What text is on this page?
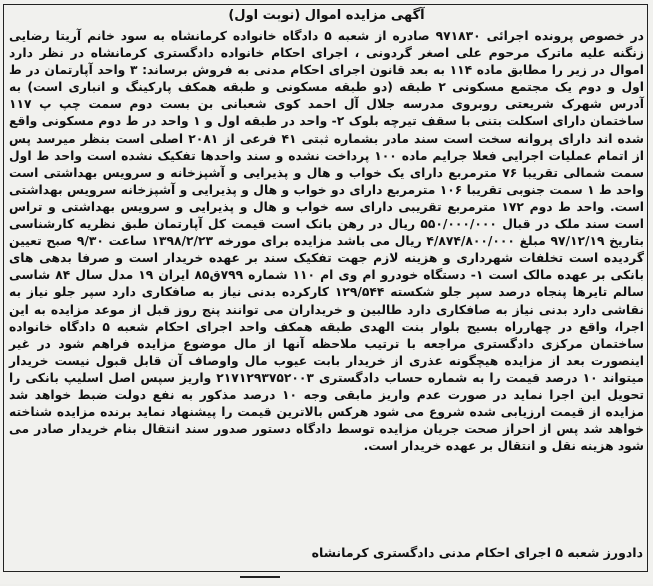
آگهی مزایده اموال (نوبت اول)
در خصوص پرونده اجرائی ۹۷۱۸۳۰ صادره از شعبه ۵ دادگاه خانواده کرمانشاه به سود خانم آریتا رضایی زنگنه علیه ماترک مرحوم علی اصغر گردونی ، اجرای احکام خانواده دادگستری کرمانشاه در نظر دارد اموال در زیر را مطابق ماده ۱۱۴ به بعد قانون اجرای احکام مدنی به فروش برساند: ۳ واحد آپارتمان در ط اول و دوم یک مجتمع مسکونی ۲ طبقه (دو طبقه مسکونی و طبقه همکف پارکینگ و انباری است) به آدرس شهرک شریعتی روبروی مدرسه جلال آل احمد کوی شعبانی بن بست دوم سمت چپ پ ۱۱۷ ساختمان دارای اسکلت بتنی با سقف تیرچه بلوک ۲- واحد در طبقه اول و ۱ واحد در ط دوم مسکونی واقع شده اند دارای پروانه سخت است سند مادر بشماره ثبتی ۴۱ فرعی از ۲۰۸۱ اصلی است بنظر میرسد پس از اتمام عملیات اجرایی فعلا جرایم ماده ۱۰۰ پرداخت نشده و سند واحدها تفکیک نشده است واحد ط اول سمت شمالی تقریبا ۷۶ مترمربع دارای یک خواب و هال و پذیرایی و آشپزخانه و سرویس بهداشتی است واحد ط ۱ سمت جنوبی تقریبا ۱۰۶ مترمربع دارای دو خواب و هال و پذیرایی و آشپزخانه سرویس بهداشتی است. واحد ط دوم ۱۷۲ مترمربع تقریبی دارای سه خواب و هال و پذیرایی و سرویس بهداشتی و تراس است سند ملک در قبال ۵۵۰/۰۰۰/۰۰۰ ریال در رهن بانک است قیمت کل آپارتمان طبق نظریه کارشناسی بتاریخ ۹۷/۱۲/۱۹ مبلغ ۴/۸۷۴/۸۰۰/۰۰۰ ریال می باشد مزایده برای مورخه ۱۳۹۸/۲/۲۳ ساعت ۹/۳۰ صبح تعیین گردیده است تخلفات شهرداری و هزینه لازم جهت تفکیک سند بر عهده خریدار است و صرفا بدهی های بانکی بر عهده مالک است ۱- دستگاه خودرو ام وی ام ۱۱۰ شماره ۷۹۹ق۸۵ ایران ۱۹ مدل سال ۸۴ شاسی سالم تایرها پنجاه درصد سپر جلو شکسته ۱۲۹/۵۴۴ کارکرده بدنی نیاز به صافکاری دارد سپر جلو نیاز به نقاشی دارد بدنی نیاز به صافکاری دارد طالبین و خریداران می توانند پنج روز قبل از موعد مزایده به این اجرا، واقع در چهارراه بسیج بلوار بنت الهدی طبقه همکف واحد اجرای احکام شعبه ۵ دادگاه خانواده ساختمان مرکزی دادگستری مراجعه با ترتیب ملاحظه آنها از مال موضوع مزایده فراهم شود در غیر اینصورت بعد از مزایده هیچگونه عذری از خریدار بابت عیوب مال واوصاف آن قابل قبول نیست خریدار میتواند ۱۰ درصد قیمت را به شماره حساب دادگستری ۲۱۷۱۲۹۳۷۵۲۰۰۳ واریز سپس اصل اسلیپ بانکی را تحویل این اجرا نماید در صورت عدم واریز مابقی وجه ۱۰ درصد مذکور به نفع دولت ضبط خواهد شد مزایده از قیمت ارزیابی شده شروع می شود هرکس بالاترین قیمت را پیشنهاد نماید برنده مزایده شناخته خواهد شد پس از احراز صحت جریان مزایده توسط دادگاه دستور صدور سند انتقال بنام خریدار صادر می شود هزینه نقل و انتقال بر عهده خریدار است.
دادورز شعبه ۵ اجرای احکام مدنی دادگستری کرمانشاه
